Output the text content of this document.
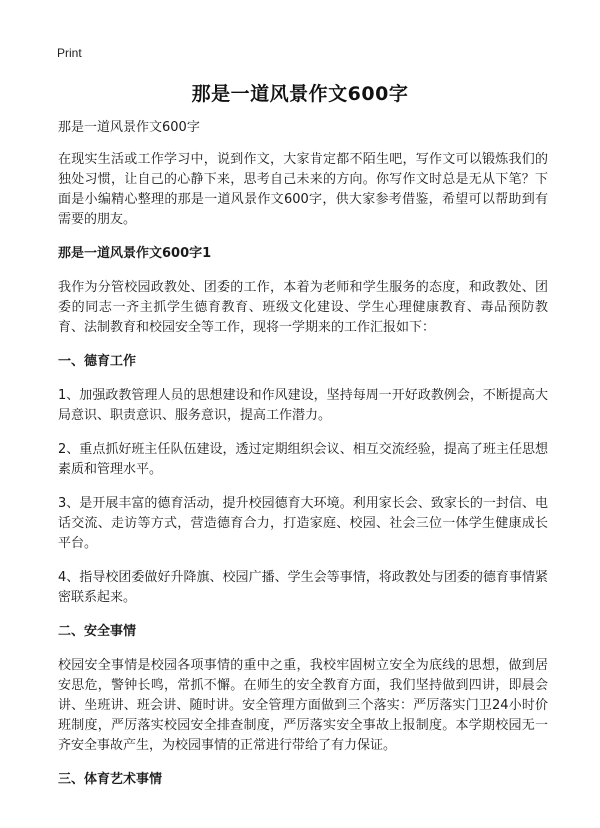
Print
那是一道风景作文600字
那是一道风景作文600字
在现实生活或工作学习中，说到作文，大家肯定都不陌生吧，写作文可以锻炼我们的独处习惯，让自己的心静下来，思考自己未来的方向。你写作文时总是无从下笔？下面是小编精心整理的那是一道风景作文600字，供大家参考借鉴，希望可以帮助到有需要的朋友。
那是一道风景作文600字1
我作为分管校园政教处、团委的工作，本着为老师和学生服务的态度，和政教处、团委的同志一齐主抓学生德育教育、班级文化建设、学生心理健康教育、毒品预防教育、法制教育和校园安全等工作，现将一学期来的工作汇报如下：
一、德育工作
1、加强政教管理人员的思想建设和作风建设，坚持每周一开好政教例会，不断提高大局意识、职责意识、服务意识，提高工作潜力。
2、重点抓好班主任队伍建设，透过定期组织会议、相互交流经验，提高了班主任思想素质和管理水平。
3、是开展丰富的德育活动，提升校园德育大环境。利用家长会、致家长的一封信、电话交流、走访等方式，营造德育合力，打造家庭、校园、社会三位一体学生健康成长平台。
4、指导校团委做好升降旗、校园广播、学生会等事情，将政教处与团委的德育事情紧密联系起来。
二、安全事情
校园安全事情是校园各项事情的重中之重，我校牢固树立安全为底线的思想，做到居安思危，警钟长鸣，常抓不懈。在师生的安全教育方面，我们坚持做到四讲，即晨会讲、坐班讲、班会讲、随时讲。安全管理方面做到三个落实：严厉落实门卫24小时价班制度，严厉落实校园安全排查制度，严厉落实安全事故上报制度。本学期校园无一齐安全事故产生，为校园事情的正常进行带给了有力保证。
三、体育艺术事情
